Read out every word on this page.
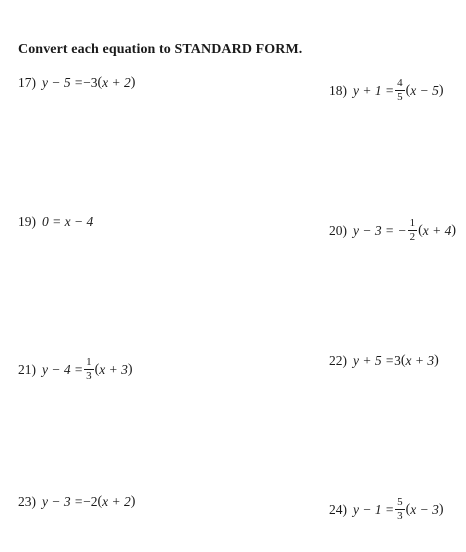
Convert each equation to STANDARD FORM.
17) y − 5 = −3 ( x + 2 )
18) $y + 1 = \frac{4}{5}$ ( x − 5 )
19) 0 = x − 4
20) y − 3 = − $\frac{1}{2}$ ( x + 4 )
21) $y - 4 = \frac{1}{3}$ ( x + 3 )
22) y + 5 = 3 ( x + 3 )
23) y − 3 = −2 ( x + 2 )
24) $y - 1 = \frac{5}{3}$ ( x − 3 )
